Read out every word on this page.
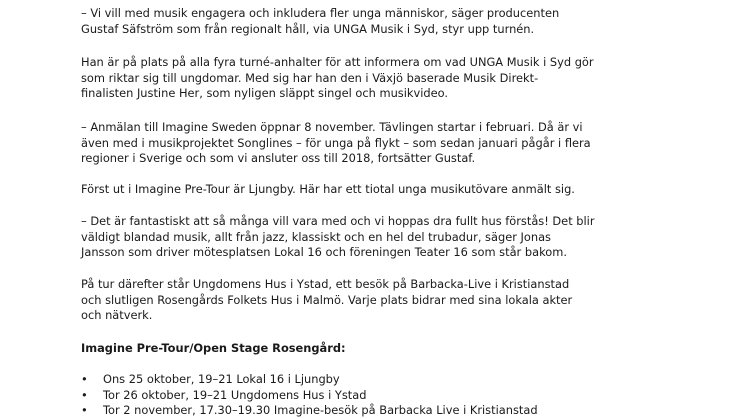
– Vi vill med musik engagera och inkludera fler unga människor, säger producenten
Gustaf Säfström som från regionalt håll, via UNGA Musik i Syd, styr upp turnén.

Han är på plats på alla fyra turné-anhalter för att informera om vad UNGA Musik i Syd gör
som riktar sig till ungdomar. Med sig har han den i Växjö baserade Musik Direkt-
finalisten Justine Her, som nyligen släppt singel och musikvideo.

– Anmälan till Imagine Sweden öppnar 8 november. Tävlingen startar i februari. Då är vi
även med i musikprojektet Songlines – för unga på flykt – som sedan januari pågår i flera
regioner i Sverige och som vi ansluter oss till 2018, fortsätter Gustaf.

Först ut i Imagine Pre-Tour är Ljungby. Här har ett tiotal unga musikutövare anmält sig.

– Det är fantastiskt att så många vill vara med och vi hoppas dra fullt hus förstås! Det blir
väldigt blandad musik, allt från jazz, klassiskt och en hel del trubadur, säger Jonas
Jansson som driver mötesplatsen Lokal 16 och föreningen Teater 16 som står bakom.

På tur därefter står Ungdomens Hus i Ystad, ett besök på Barbacka-Live i Kristianstad
och slutligen Rosengårds Folkets Hus i Malmö. Varje plats bidrar med sina lokala akter
och nätverk.

Imagine Pre-Tour/Open Stage Rosengård:

• Ons 25 oktober, 19–21 Lokal 16 i Ljungby
• Tor 26 oktober, 19–21 Ungdomens Hus i Ystad
• Tor 2 november, 17.30–19.30 Imagine-besök på Barbacka Live i Kristianstad
